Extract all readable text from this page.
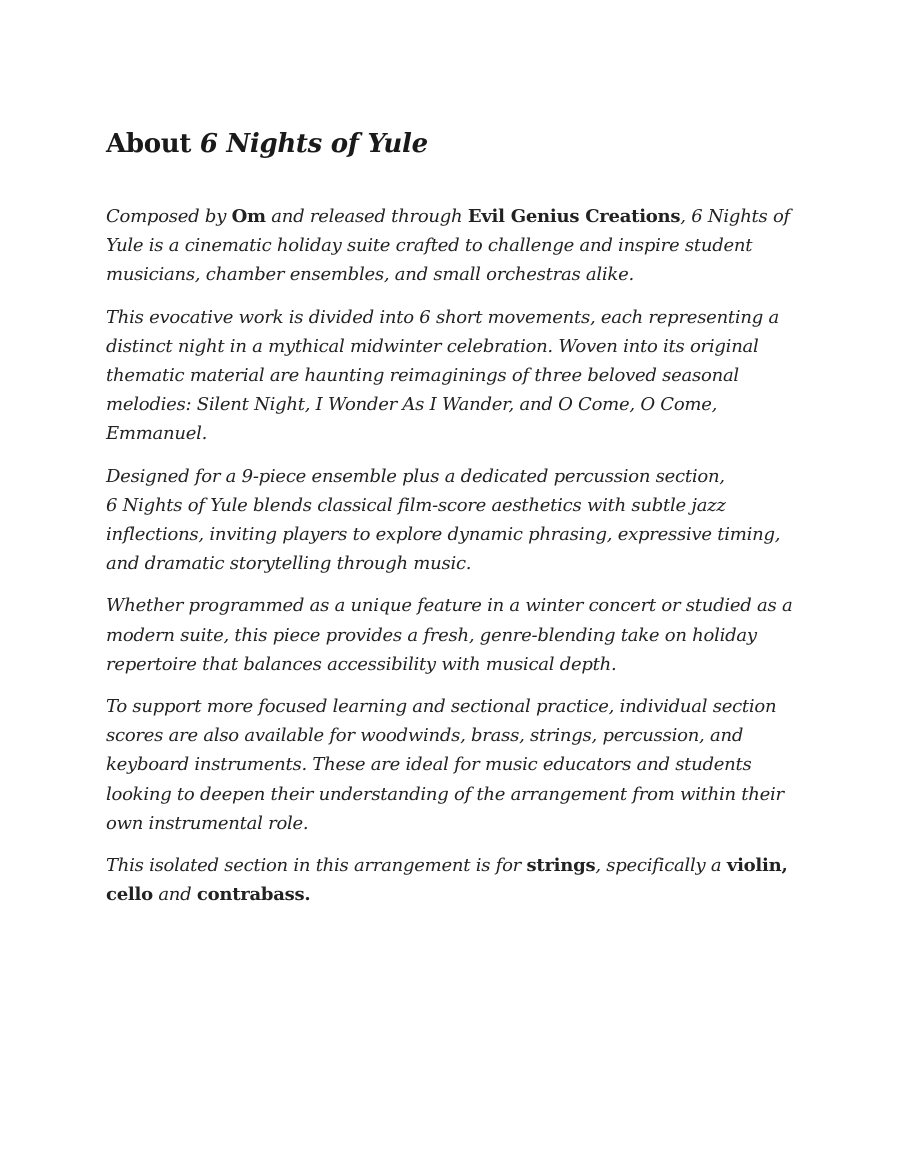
About 6 Nights of Yule

Composed by Om and released through Evil Genius Creations, 6 Nights of Yule is a cinematic holiday suite crafted to challenge and inspire student musicians, chamber ensembles, and small orchestras alike.

This evocative work is divided into 6 short movements, each representing a distinct night in a mythical midwinter celebration. Woven into its original thematic material are haunting reimaginings of three beloved seasonal melodies: Silent Night, I Wonder As I Wander, and O Come, O Come, Emmanuel.

Designed for a 9-piece ensemble plus a dedicated percussion section,
6 Nights of Yule blends classical film-score aesthetics with subtle jazz inflections, inviting players to explore dynamic phrasing, expressive timing, and dramatic storytelling through music.

Whether programmed as a unique feature in a winter concert or studied as a modern suite, this piece provides a fresh, genre-blending take on holiday repertoire that balances accessibility with musical depth.

To support more focused learning and sectional practice, individual section scores are also available for woodwinds, brass, strings, percussion, and keyboard instruments. These are ideal for music educators and students looking to deepen their understanding of the arrangement from within their own instrumental role.

This isolated section in this arrangement is for strings, specifically a violin,
cello and contrabass.
